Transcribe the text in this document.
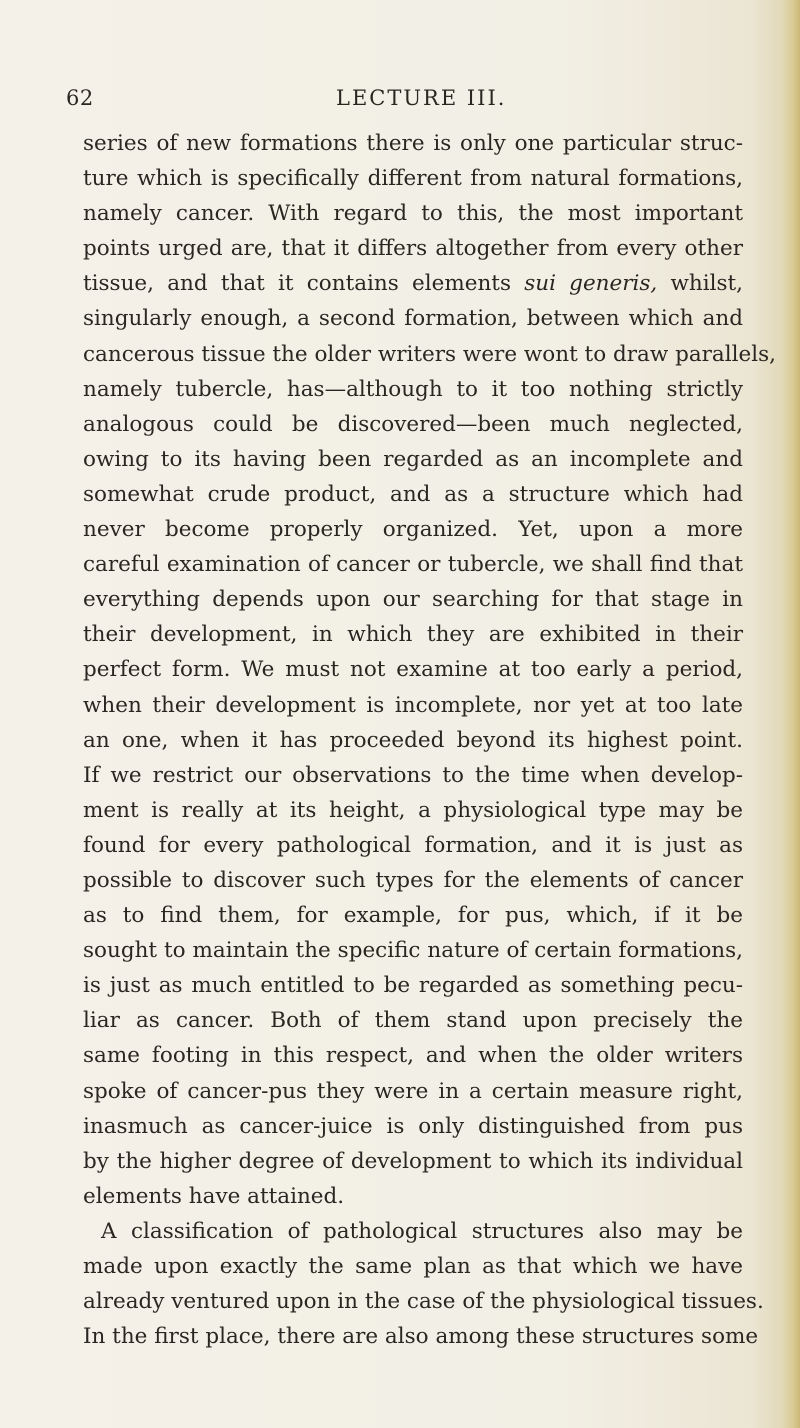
62	LECTURE III.
series of new formations there is only one particular struc-
ture which is specifically different from natural formations,
namely cancer. With regard to this, the most important
points urged are, that it differs altogether from every other
tissue, and that it contains elements sui generis, whilst,
singularly enough, a second formation, between which and
cancerous tissue the older writers were wont to draw parallels,
namely tubercle, has—although to it too nothing strictly
analogous could be discovered—been much neglected,
owing to its having been regarded as an incomplete and
somewhat crude product, and as a structure which had
never become properly organized. Yet, upon a more
careful examination of cancer or tubercle, we shall find that
everything depends upon our searching for that stage in
their development, in which they are exhibited in their
perfect form. We must not examine at too early a period,
when their development is incomplete, nor yet at too late
an one, when it has proceeded beyond its highest point.
If we restrict our observations to the time when develop-
ment is really at its height, a physiological type may be
found for every pathological formation, and it is just as
possible to discover such types for the elements of cancer
as to find them, for example, for pus, which, if it be
sought to maintain the specific nature of certain formations,
is just as much entitled to be regarded as something pecu-
liar as cancer. Both of them stand upon precisely the
same footing in this respect, and when the older writers
spoke of cancer-pus they were in a certain measure right,
inasmuch as cancer-juice is only distinguished from pus
by the higher degree of development to which its individual
elements have attained.
A classification of pathological structures also may be
made upon exactly the same plan as that which we have
already ventured upon in the case of the physiological tissues.
In the first place, there are also among these structures some
